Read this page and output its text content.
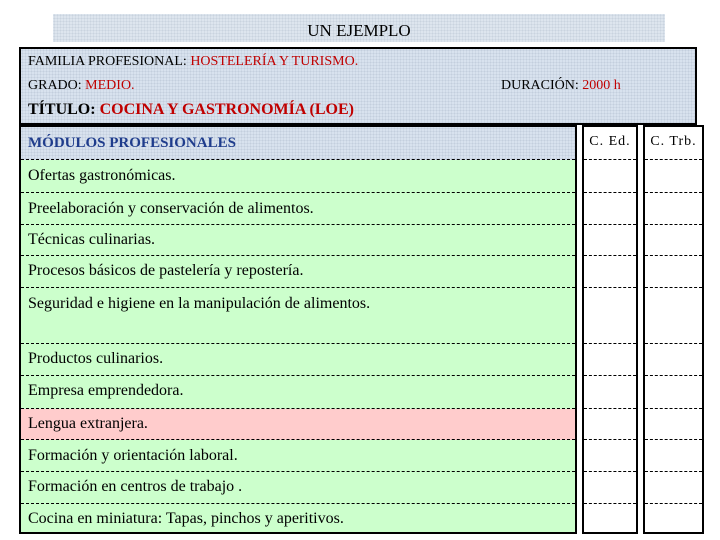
UN EJEMPLO
FAMILIA PROFESIONAL: HOSTELERÍA Y TURISMO.
GRADO: MEDIO.	DURACIÓN: 2000 h
TÍTULO: COCINA Y GASTRONOMÍA (LOE)
MÓDULOS PROFESIONALES
Ofertas gastronómicas.
Preelaboración y conservación de alimentos.
Técnicas culinarias.
Procesos básicos de pastelería y repostería.
Seguridad e higiene en la manipulación de alimentos.
Productos culinarios.
Empresa emprendedora.
Lengua extranjera.
Formación y orientación laboral.
Formación en centros de trabajo .
Cocina en miniatura: Tapas, pinchos y aperitivos.
C. Ed.	C. Trb.
